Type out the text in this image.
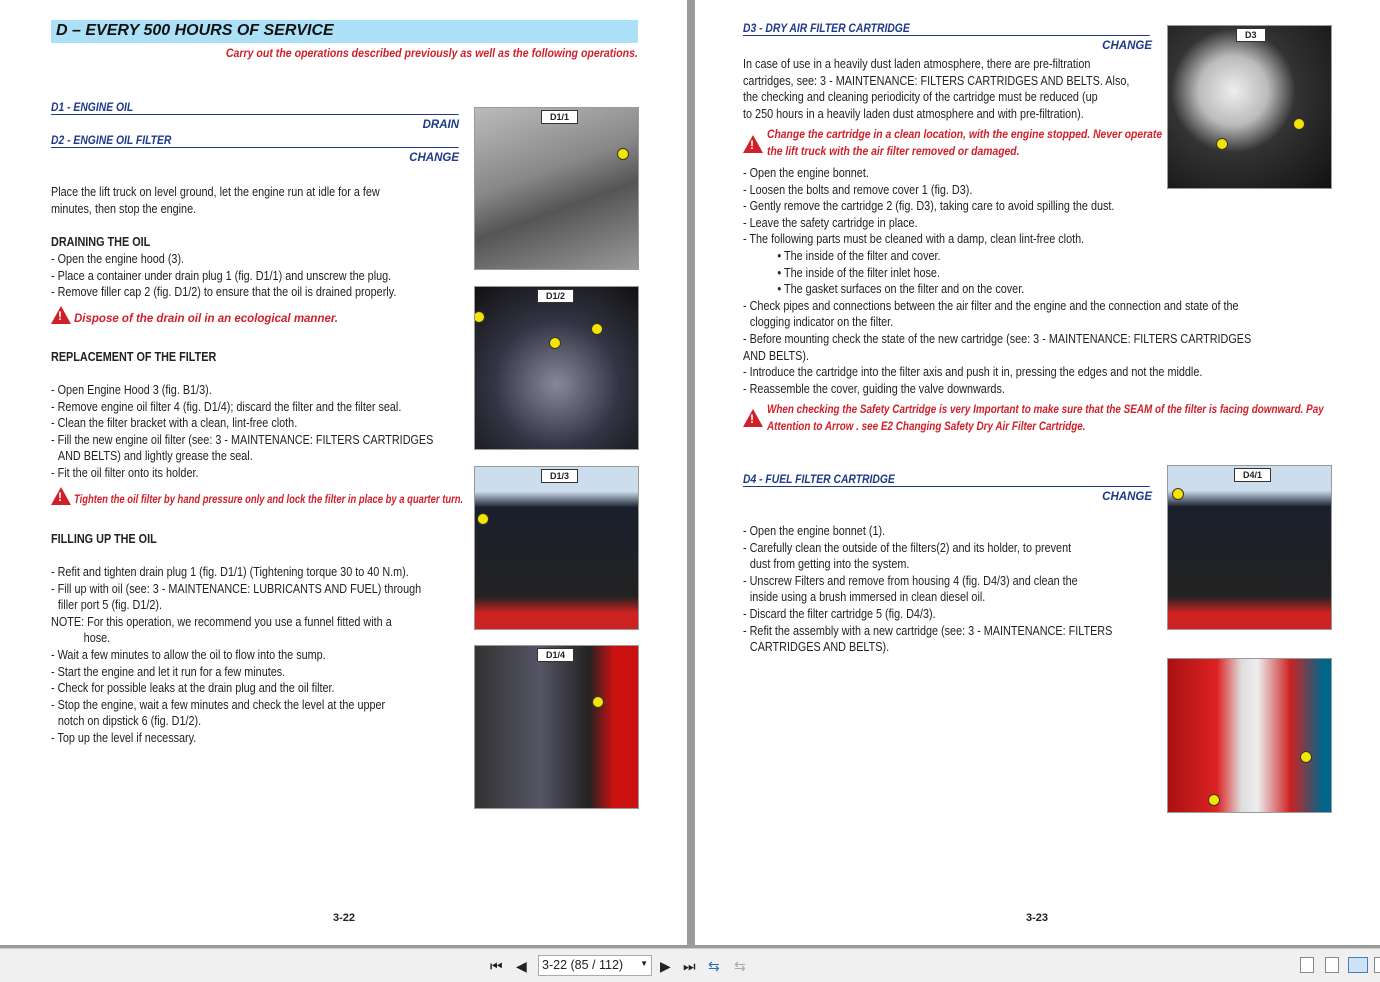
D – EVERY 500 HOURS OF SERVICE
Carry out the operations described previously as well as the following operations.
D1 - ENGINE OIL
DRAIN
D2 - ENGINE OIL FILTER
CHANGE
Place the lift truck on level ground, let the engine run at idle for a few
minutes, then stop the engine.
DRAINING THE OIL
- Open the engine hood (3).
- Place a container under drain plug 1 (fig. D1/1) and unscrew the plug.
- Remove filler cap 2 (fig. D1/2) to ensure that the oil is drained properly.
!
Dispose of the drain oil in an ecological manner.
REPLACEMENT OF THE FILTER
- Open Engine Hood 3 (fig. B1/3).
- Remove engine oil filter 4 (fig. D1/4); discard the filter and the filter seal.
- Clean the filter bracket with a clean, lint-free cloth.
- Fill the new engine oil filter (see: 3 - MAINTENANCE: FILTERS CARTRIDGES
AND BELTS) and lightly grease the seal.
- Fit the oil filter onto its holder.
!
Tighten the oil filter by hand pressure only and lock the filter in place by a quarter turn.
FILLING UP THE OIL
- Refit and tighten drain plug 1 (fig. D1/1) (Tightening torque 30 to 40 N.m).
- Fill up with oil (see: 3 - MAINTENANCE: LUBRICANTS AND FUEL) through
filler port 5 (fig. D1/2).
NOTE: For this operation, we recommend you use a funnel fitted with a
hose.
- Wait a few minutes to allow the oil to flow into the sump.
- Start the engine and let it run for a few minutes.
- Check for possible leaks at the drain plug and the oil filter.
- Stop the engine, wait a few minutes and check the level at the upper
notch on dipstick 6 (fig. D1/2).
- Top up the level if necessary.
D1/1
D1/2
D1/3
D1/4
3-22
D3 - DRY AIR FILTER CARTRIDGE
CHANGE
In case of use in a heavily dust laden atmosphere, there are pre-filtration
cartridges, see: 3 - MAINTENANCE: FILTERS CARTRIDGES AND BELTS. Also,
the checking and cleaning periodicity of the cartridge must be reduced (up
to 250 hours in a heavily laden dust atmosphere and with pre-filtration).
!
Change the cartridge in a clean location, with the engine stopped. Never operate
the lift truck with the air filter removed or damaged.
- Open the engine bonnet.
- Loosen the bolts and remove cover 1 (fig. D3).
- Gently remove the cartridge 2 (fig. D3), taking care to avoid spilling the dust.
- Leave the safety cartridge in place.
- The following parts must be cleaned with a damp, clean lint-free cloth.
• The inside of the filter and cover.
• The inside of the filter inlet hose.
• The gasket surfaces on the filter and on the cover.
- Check pipes and connections between the air filter and the engine and the connection and state of the
clogging indicator on the filter.
- Before mounting check the state of the new cartridge (see: 3 - MAINTENANCE: FILTERS CARTRIDGES
AND BELTS).
- Introduce the cartridge into the filter axis and push it in, pressing the edges and not the middle.
- Reassemble the cover, guiding the valve downwards.
!
When checking the Safety Cartridge is very Important to make sure that the SEAM of the filter is facing downward. Pay
Attention to Arrow . see E2 Changing Safety Dry Air Filter Cartridge.
D4 - FUEL FILTER CARTRIDGE
CHANGE
- Open the engine bonnet (1).
- Carefully clean the outside of the filters(2) and its holder, to prevent
dust from getting into the system.
- Unscrew Filters and remove from housing 4 (fig. D4/3) and clean the
inside using a brush immersed in clean diesel oil.
- Discard the filter cartridge 5 (fig. D4/3).
- Refit the assembly with a new cartridge (see: 3 - MAINTENANCE: FILTERS
CARTRIDGES AND BELTS).
D3
D4/1
3-23
⏮ ◀	3-22 (85 / 112) ▼ ▶ ⏭ ⇆ ⇆
